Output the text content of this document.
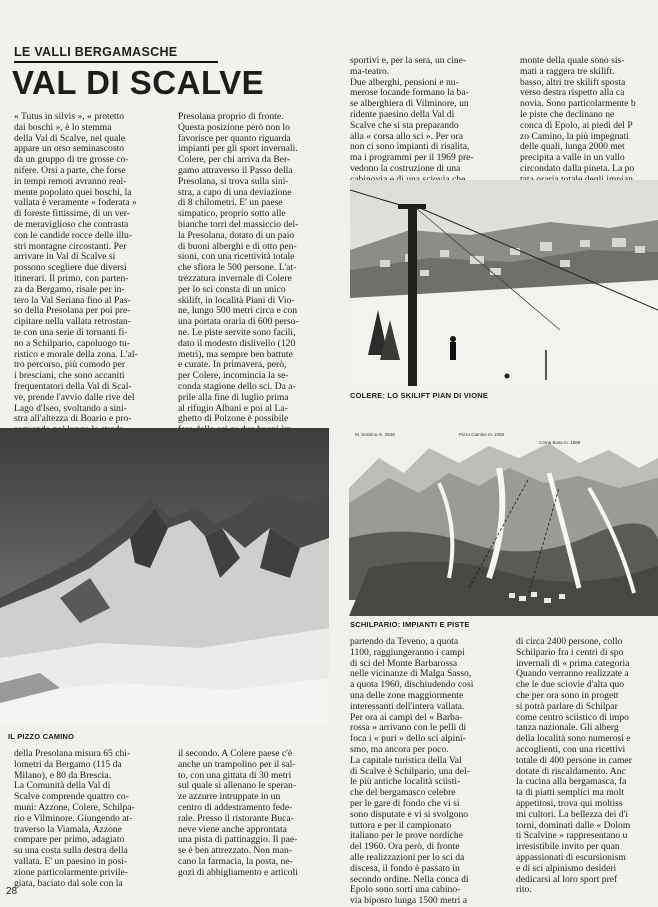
LE VALLI BERGAMASCHE
VAL DI SCALVE

« Tutus in silvis », « protetto
dai boschi », è lo stemma
della Val di Scalve, nel quale
appare un orso seminascosto
da un gruppo di tre grosse co-
nifere. Orsi a parte, che forse
in tempi remoti avranno real-
mente popolato quei boschi, la
vallata è veramente « foderata »
di foreste fittissime, di un ver-
de meraviglioso che contrasta
con le candide rocce delle illu-
stri montagne circostanti. Per
arrivare in Val di Scalve si
possono scegliere due diversi
itinerari. Il primo, con parten-
za da Bergamo, risale per in-
tero la Val Seriana fino al Pas-
so della Presolana per poi pre-
cipitare nella vallata retrostan-
te con una serie di tornanti fi-
no a Schilpario, capoluogo tu-
ristico e morale della zona. L'al-
tro percorso, più comodo per
i bresciani, che sono accaniti
frequentatori della Val di Scal-
ve, prende l'avvio dalle rive del
Lago d'Iseo, svoltando a sini-
stra all'altezza di Boario e pro-

Presolana proprio di fronte.
Questa posizione però non lo
favorisce per quanto riguarda
impianti per gli sport invernali.
Colere, per chi arriva da Ber-
gamo attraverso il Passo della
Presolana, si trova sulla sini-
stra, a capo di una deviazione
di 8 chilometri. E' un paese
simpatico, proprio sotto alle
bianche torri del massiccio del-
la Presolana, dotato di un paio
di buoni alberghi e di otto pen-
sioni, con una ricettività totale
che sfiora le 500 persone. L'at-
trezzatura invernale di Colere
per lo sci consta di un unico
skilift, in località Piani di Vio-
ne, lungo 500 metri circa e con
una portata oraria di 600 perso-
ne. Le piste servite sono facili,
dato il modesto dislivello (120
metri), ma sempre ben battute
e curate. In primavera, però,
per Colere, incomincia la se-
conda stagione dello sci. Da a-
prile alla fine di luglio prima
al rifugio Albani e poi al La-
ghetto di Polzone è possibile

sportivi e, per la sera, un cine-
ma-teatro.
Due alberghi, pensioni e nu-
merose locande formano la ba-
se alberghiera di Vilminore, un
ridente paesino della Val di
Scalve che si sta preparando
alla « corsa allo sci ». Per ora
non ci sono impianti di risalita,
ma i programmi per il 1969 pre-
vedono la costruzione di una

monte della quale sono sis-
mati a raggera tre skilift.
basso, altri tre skilift sposta
verso destra rispetto alla ca
novia. Sono particolarmente b
le piste che declinano ne
conca di Epolo, ai piedi del P
zo Camino, la più impegnati
delle quali, lunga 2000 met
precipita a valle in un vallo
circondato dalla pineta. La po

della Presolana misura 65 chi-
lometri da Bergamo (115 da
Milano), e 80 da Brescia.
La Comunità della Val di
Scalve comprende quattro co-
muni: Azzone, Colere, Schilpa-
rio e Vilminore. Giungendo at-
traverso la Viamala, Azzone
compare per primo, adagiato
su una costa sulla destra della
vallata. E' un paesino in posi-
zione particolarmente privile-
giata, baciato dal sole con la

il secondo. A Colere paese c'è
anche un trampolino per il sal-
to, con una gittata di 30 metri
sul quale si allenano le speran-
ze azzurre intruppate in un
centro di addestramento fede-
rale. Presso il ristorante Bucа-
neve viene anche approntata
una pista di pattinaggio. Il pae-
se è ben attrezzato. Non man-
cano la farmacia, la posta, ne-
gozi di abbigliamento e articoli

partendo da Teveno, a quota
1100, raggiungeranno i campi
di sci del Monte Barbarossa
nelle vicinanze di Malga Sasso,
a quota 1960, dischiudendo così
una delle zone maggiormente
interessanti dell'intera vallata.
Per ora ai campi del « Barba-
rossa » arrivano con le pelli di
foca i « puri » dello sci alpini-
smo, ma ancora per poco.
La capitale turistica della Val
di Scalve è Schilpario, una del-
le più antiche località sciisti-
che del bergamasco celebre
per le gare di fondo che vi si
sono disputate e vi si svolgono
tuttora e per il campionato
italiano per le prove nordiche
del 1960. Ora però, di fronte
alle realizzazioni per lo sci da
discesa, il fondo è passato in
secondo ordine. Nella conca di
Epolo sono sorti una cabino-
via biposto lunga 1500 metri a

di circa 2400 persone, collo
Schilpario fra i centri di spo
invernali di « prima categoria
Quando verranno realizzate a
che le due sciovie d'alta quo
che per ora sono in progett
si potrà parlare di Schilpar
come centro sciistico di impo
tanza nazionale. Gli alberg
della località sono numerosi e
accoglienti, con una ricettivi
totale di 400 persone in camer
dotate di riscaldamento. Anc
la cucina alla bergamasca, fa
ta di piatti semplici ma molt
appetitosi, trova qui moltiss
mi cultori. La bellezza dei d'i
torni, dominati dalle « Dolom
ti Scalvine » rappresentano u
irresistibile invito per quan
appassionati di escursionism
e di sci alpinismo desideri
dedicarsi al loro sport pref
rito.

COLERE: LO SKILIFT PIAN DI VIONE
IL PIZZO CAMINO
M. Sossino m. 2548	Pizzo Camino m. 2492
Corna Busa m. 1869
SCHILPARIO: IMPIANTI E PISTE
28
